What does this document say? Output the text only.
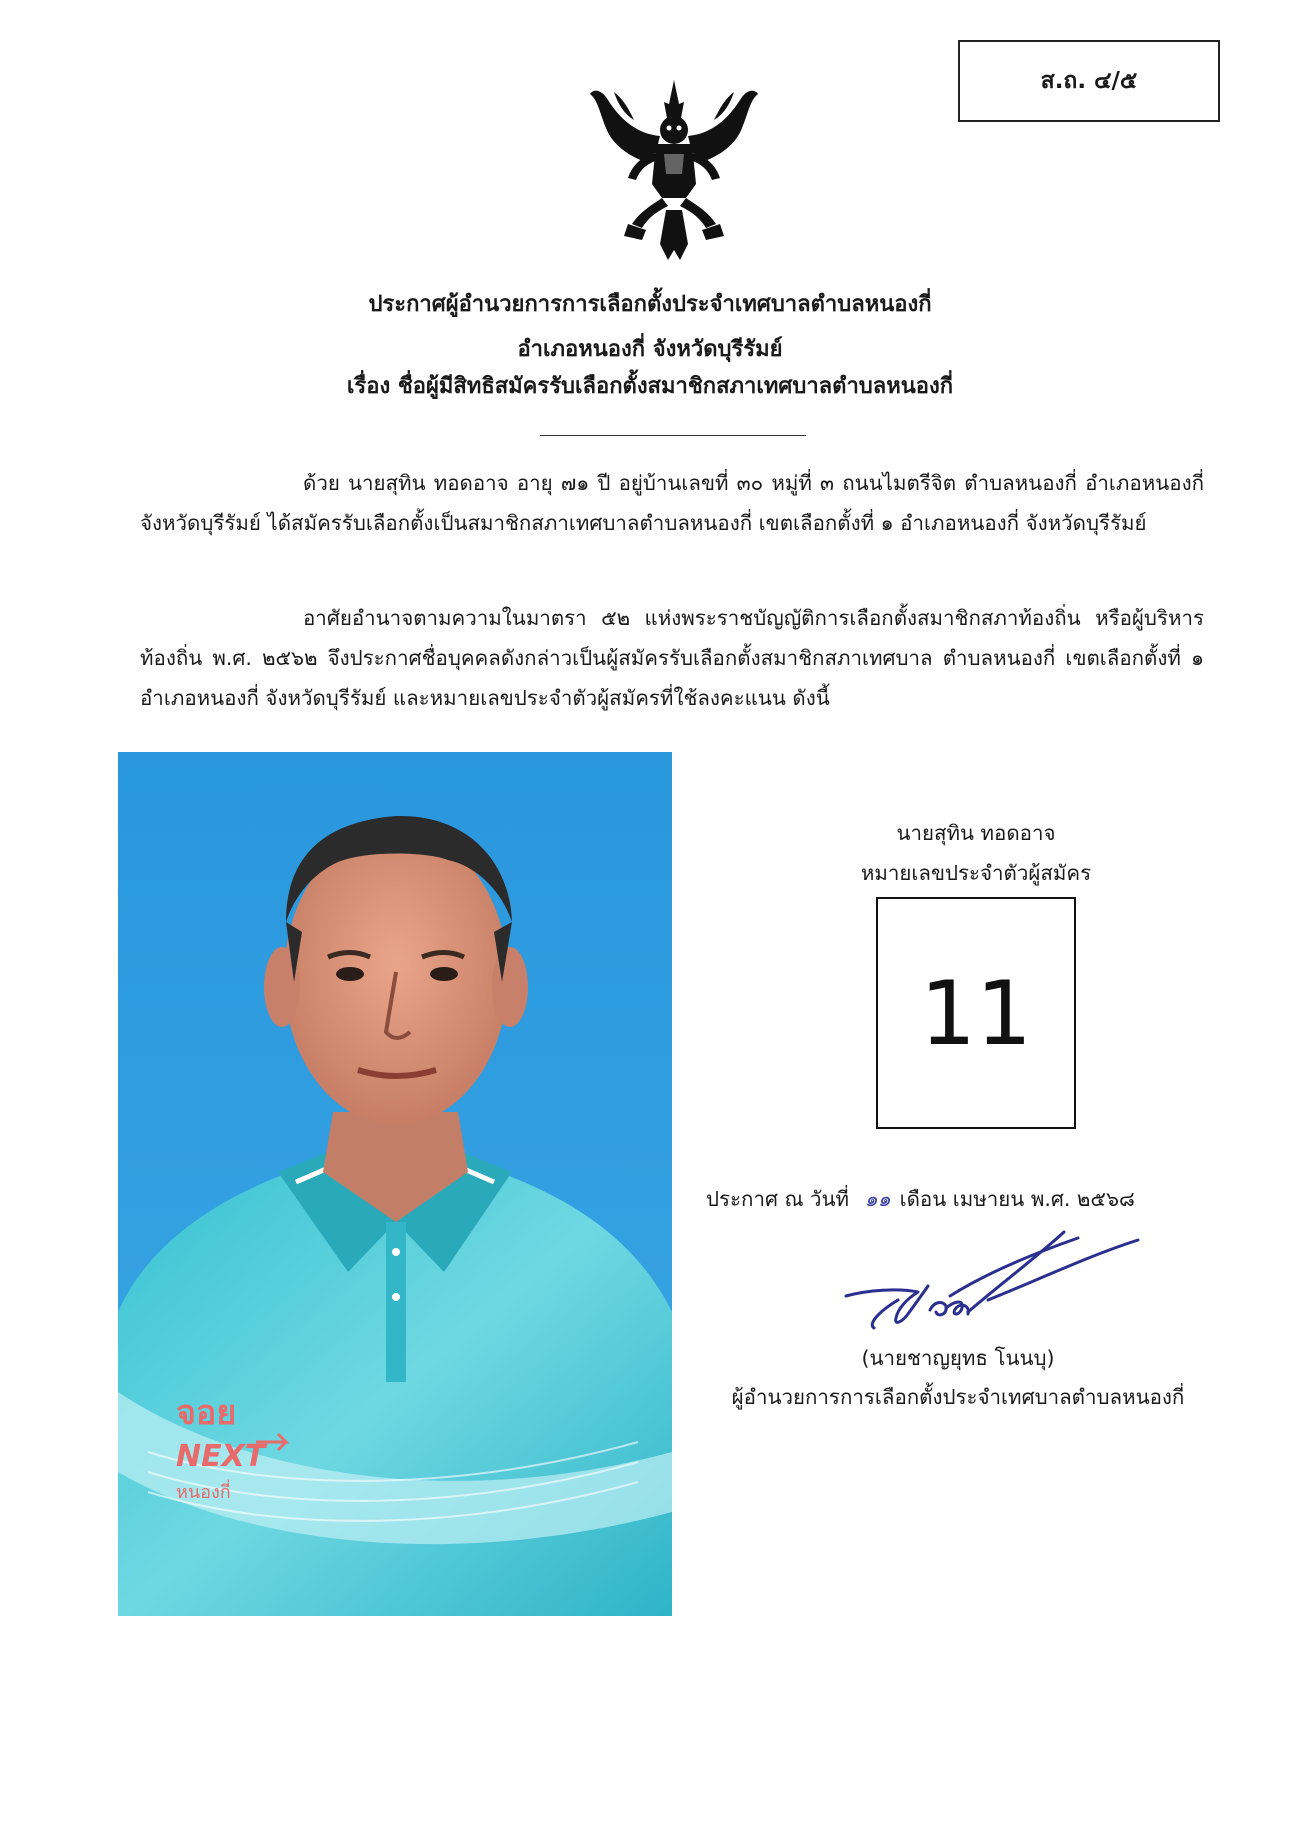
ส.ถ. ๔/๕
ประกาศผู้อำนวยการการเลือกตั้งประจำเทศบาลตำบลหนองกี่
อำเภอหนองกี่ จังหวัดบุรีรัมย์
เรื่อง ชื่อผู้มีสิทธิสมัครรับเลือกตั้งสมาชิกสภาเทศบาลตำบลหนองกี่

ด้วย นายสุทิน ทอดอาจ อายุ ๗๑ ปี อยู่บ้านเลขที่ ๓๐ หมู่ที่ ๓ ถนนไมตรีจิต ตำบลหนองกี่ อำเภอหนองกี่ จังหวัดบุรีรัมย์ ได้สมัครรับเลือกตั้งเป็นสมาชิกสภาเทศบาลตำบลหนองกี่ เขตเลือกตั้งที่ ๑ อำเภอหนองกี่ จังหวัดบุรีรัมย์

อาศัยอำนาจตามความในมาตรา ๕๒ แห่งพระราชบัญญัติการเลือกตั้งสมาชิกสภาท้องถิ่น หรือผู้บริหารท้องถิ่น พ.ศ. ๒๕๖๒ จึงประกาศชื่อบุคคลดังกล่าวเป็นผู้สมัครรับเลือกตั้งสมาชิกสภาเทศบาล ตำบลหนองกี่ เขตเลือกตั้งที่ ๑ อำเภอหนองกี่ จังหวัดบุรีรัมย์ และหมายเลขประจำตัวผู้สมัครที่ใช้ลงคะแนน ดังนี้

จอย
NEXT
หนองกี่
นายสุทิน ทอดอาจ
หมายเลขประจำตัวผู้สมัคร
11
ประกาศ ณ วันที่ ๑๑ เดือน เมษายน พ.ศ. ๒๕๖๘
(นายชาญยุทธ โนนบุ)
ผู้อำนวยการการเลือกตั้งประจำเทศบาลตำบลหนองกี่
